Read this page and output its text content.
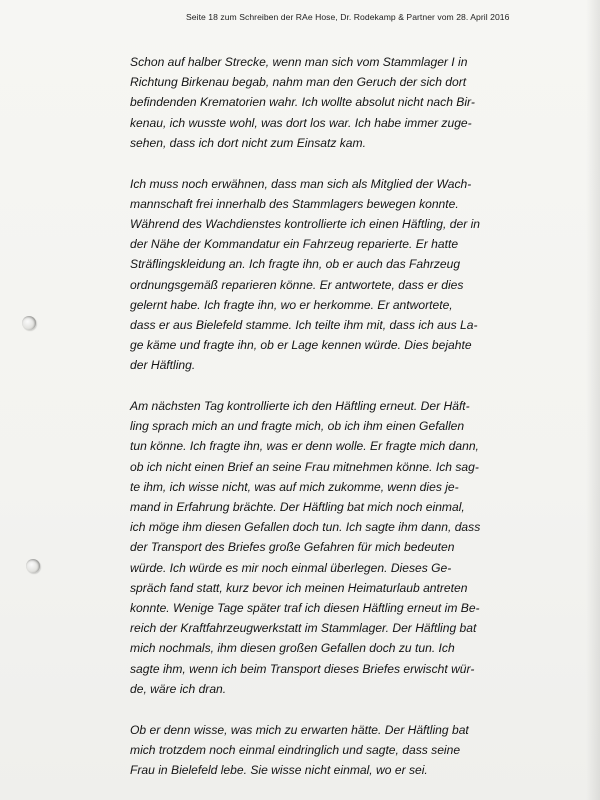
Seite 18 zum Schreiben der RAe Hose, Dr. Rodekamp & Partner vom 28. April 2016
Schon auf halber Strecke, wenn man sich vom Stammlager I in
Richtung Birkenau begab, nahm man den Geruch der sich dort
befindenden Krematorien wahr. Ich wollte absolut nicht nach Bir-
kenau, ich wusste wohl, was dort los war. Ich habe immer zuge-
sehen, dass ich dort nicht zum Einsatz kam.
Ich muss noch erwähnen, dass man sich als Mitglied der Wach-
mannschaft frei innerhalb des Stammlagers bewegen konnte.
Während des Wachdienstes kontrollierte ich einen Häftling, der in
der Nähe der Kommandatur ein Fahrzeug reparierte. Er hatte
Sträflingskleidung an. Ich fragte ihn, ob er auch das Fahrzeug
ordnungsgemäß reparieren könne. Er antwortete, dass er dies
gelernt habe. Ich fragte ihn, wo er herkomme. Er antwortete,
dass er aus Bielefeld stamme. Ich teilte ihm mit, dass ich aus La-
ge käme und fragte ihn, ob er Lage kennen würde. Dies bejahte
der Häftling.
Am nächsten Tag kontrollierte ich den Häftling erneut. Der Häft-
ling sprach mich an und fragte mich, ob ich ihm einen Gefallen
tun könne. Ich fragte ihn, was er denn wolle. Er fragte mich dann,
ob ich nicht einen Brief an seine Frau mitnehmen könne. Ich sag-
te ihm, ich wisse nicht, was auf mich zukomme, wenn dies je-
mand in Erfahrung brächte. Der Häftling bat mich noch einmal,
ich möge ihm diesen Gefallen doch tun. Ich sagte ihm dann, dass
der Transport des Briefes große Gefahren für mich bedeuten
würde. Ich würde es mir noch einmal überlegen. Dieses Ge-
spräch fand statt, kurz bevor ich meinen Heimaturlaub antreten
konnte. Wenige Tage später traf ich diesen Häftling erneut im Be-
reich der Kraftfahrzeugwerkstatt im Stammlager. Der Häftling bat
mich nochmals, ihm diesen großen Gefallen doch zu tun. Ich
sagte ihm, wenn ich beim Transport dieses Briefes erwischt wür-
de, wäre ich dran.
Ob er denn wisse, was mich zu erwarten hätte. Der Häftling bat
mich trotzdem noch einmal eindringlich und sagte, dass seine
Frau in Bielefeld lebe. Sie wisse nicht einmal, wo er sei.
